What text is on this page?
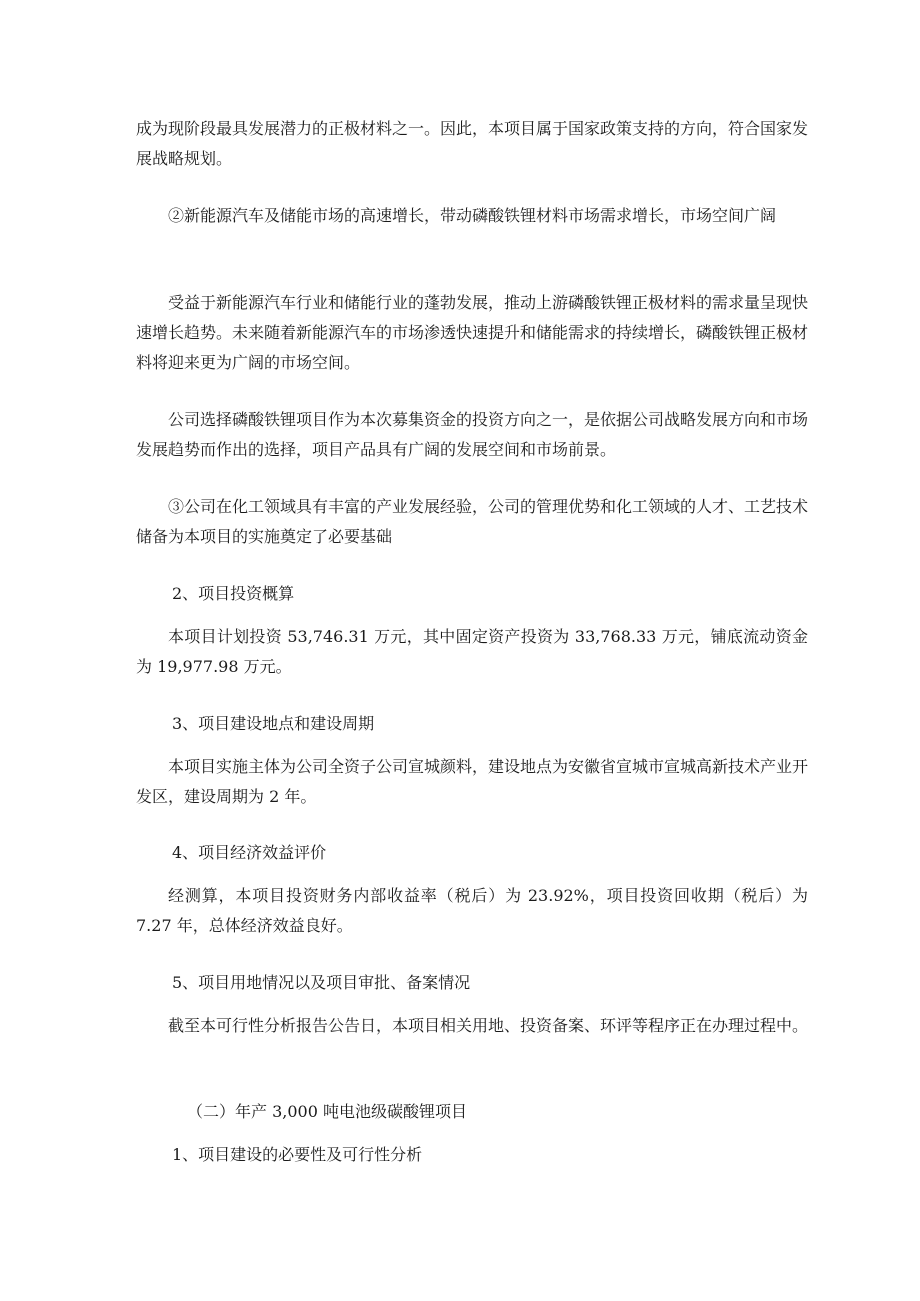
成为现阶段最具发展潜力的正极材料之一。因此，本项目属于国家政策支持的方向，符合国家发展战略规划。

②新能源汽车及储能市场的高速增长，带动磷酸铁锂材料市场需求增长，市场空间广阔

受益于新能源汽车行业和储能行业的蓬勃发展，推动上游磷酸铁锂正极材料的需求量呈现快速增长趋势。未来随着新能源汽车的市场渗透快速提升和储能需求的持续增长，磷酸铁锂正极材料将迎来更为广阔的市场空间。

公司选择磷酸铁锂项目作为本次募集资金的投资方向之一，是依据公司战略发展方向和市场发展趋势而作出的选择，项目产品具有广阔的发展空间和市场前景。

③公司在化工领域具有丰富的产业发展经验，公司的管理优势和化工领域的人才、工艺技术储备为本项目的实施奠定了必要基础

2、项目投资概算

本项目计划投资 53,746.31 万元，其中固定资产投资为 33,768.33 万元，铺底流动资金为 19,977.98 万元。

3、项目建设地点和建设周期

本项目实施主体为公司全资子公司宣城颜料，建设地点为安徽省宣城市宣城高新技术产业开发区，建设周期为 2 年。

4、项目经济效益评价

经测算，本项目投资财务内部收益率（税后）为 23.92%，项目投资回收期（税后）为 7.27 年，总体经济效益良好。

5、项目用地情况以及项目审批、备案情况

截至本可行性分析报告公告日，本项目相关用地、投资备案、环评等程序正在办理过程中。

（二）年产 3,000 吨电池级碳酸锂项目

1、项目建设的必要性及可行性分析
